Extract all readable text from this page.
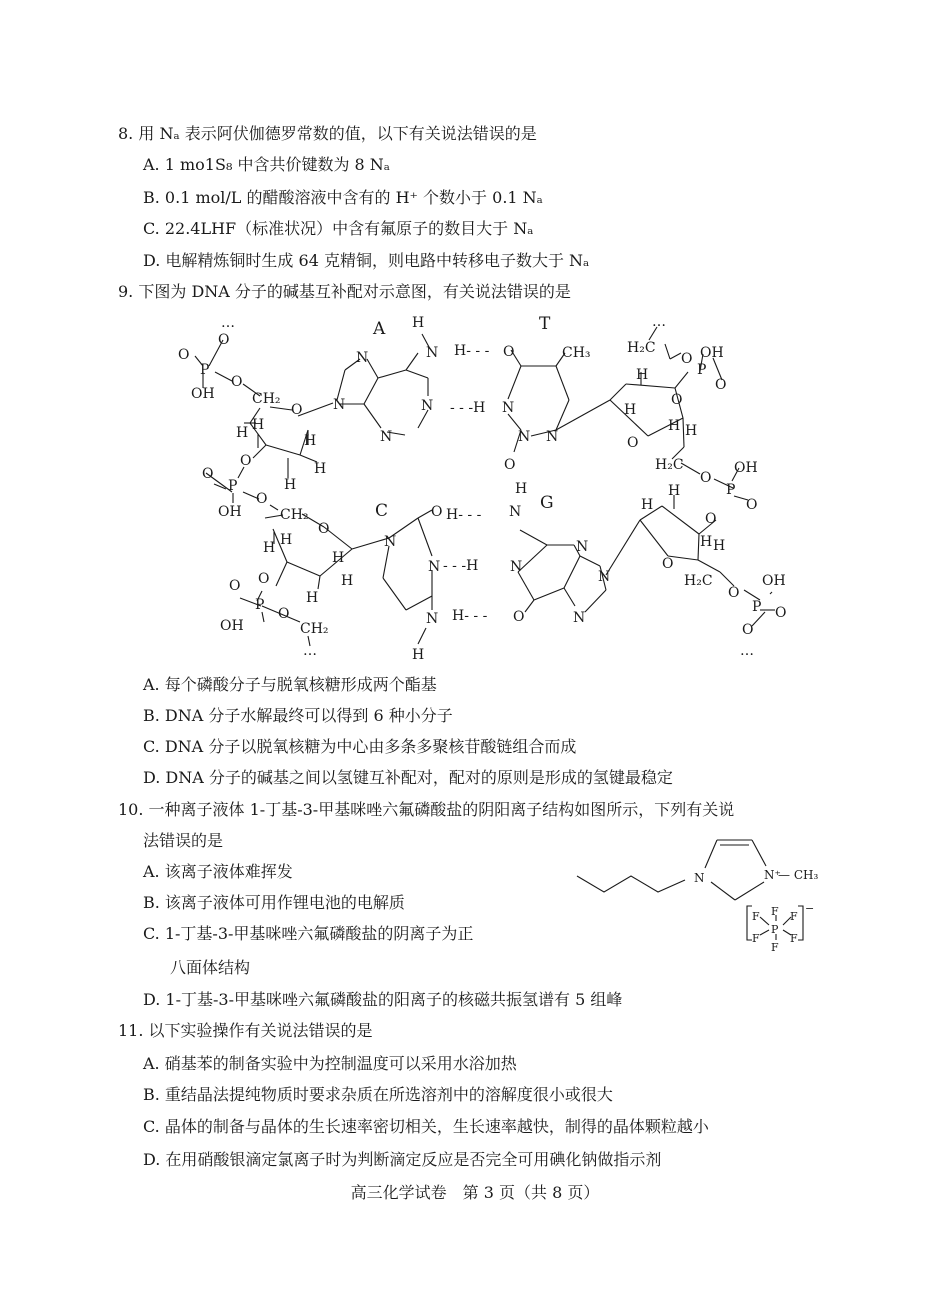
8. 用 Nₐ 表示阿伏伽德罗常数的值，以下有关说法错误的是
A. 1 mo1S₈ 中含共价键数为 8 Nₐ
B. 0.1 mol/L 的醋酸溶液中含有的 H⁺ 个数小于 0.1 Nₐ
C. 22.4LHF（标准状况）中含有氟原子的数目大于 Nₐ
D. 电解精炼铜时生成 64 克精铜，则电路中转移电子数大于 Nₐ
9. 下图为 DNA 分子的碱基互补配对示意图，有关说法错误的是
H- - -
- - -H
H- - -
- - -H
H- - -
A	T
C	G
…	…
…	…
O
O
P
OH
O
CH₂
O
H H
H
H
O
H
O
P
OH
O
N
N
N
N
H
N	O	CH₃
N
N
O
N
H₂C
O
P
OH
O
H
H
O
O
H H
H₂C
O
P
OH
O
OH
O
P
O
O
CH₂
CH₂
O
H H
H
H
H
N
O
N
N
H
H
N
N
O
N
N
N
H
H
O
H H
O
H₂C
O
P
OH
O
O
A. 每个磷酸分子与脱氧核糖形成两个酯基
B. DNA 分子水解最终可以得到 6 种小分子
C. DNA 分子以脱氧核糖为中心由多条多聚核苷酸链组合而成
D. DNA 分子的碱基之间以氢键互补配对，配对的原则是形成的氢键最稳定
10. 一种离子液体 1-丁基-3-甲基咪唑六氟磷酸盐的阴阳离子结构如图所示，下列有关说
法错误的是
A. 该离子液体难挥发
B. 该离子液体可用作锂电池的电解质
C. 1-丁基-3-甲基咪唑六氟磷酸盐的阴离子为正
八面体结构
D. 1-丁基-3-甲基咪唑六氟磷酸盐的阳离子的核磁共振氢谱有 5 组峰
N	N⁺
— CH₃
F
F	F
P
F	F
F
−
11. 以下实验操作有关说法错误的是
A. 硝基苯的制备实验中为控制温度可以采用水浴加热
B. 重结晶法提纯物质时要求杂质在所选溶剂中的溶解度很小或很大
C. 晶体的制备与晶体的生长速率密切相关，生长速率越快，制得的晶体颗粒越小
D. 在用硝酸银滴定氯离子时为判断滴定反应是否完全可用碘化钠做指示剂
高三化学试卷　第 3 页（共 8 页）
